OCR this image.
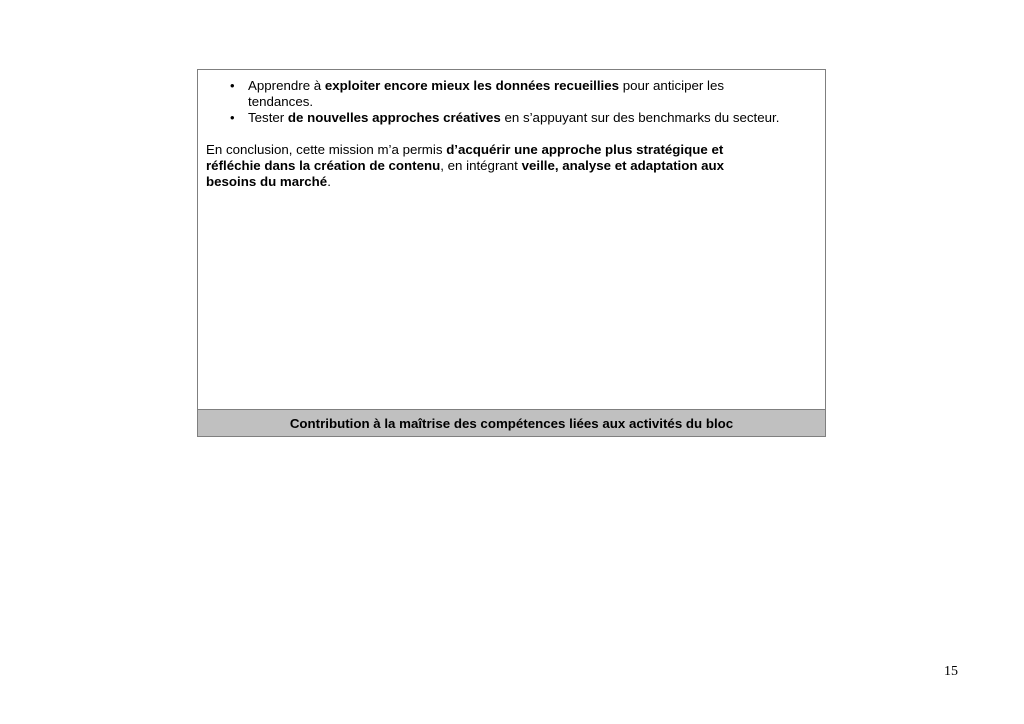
• Apprendre à exploiter encore mieux les données recueillies pour anticiper les tendances.
• Tester de nouvelles approches créatives en s’appuyant sur des benchmarks du secteur.

En conclusion, cette mission m’a permis d’acquérir une approche plus stratégique et réfléchie dans la création de contenu, en intégrant veille, analyse et adaptation aux besoins du marché.

Contribution à la maîtrise des compétences liées aux activités du bloc
15
